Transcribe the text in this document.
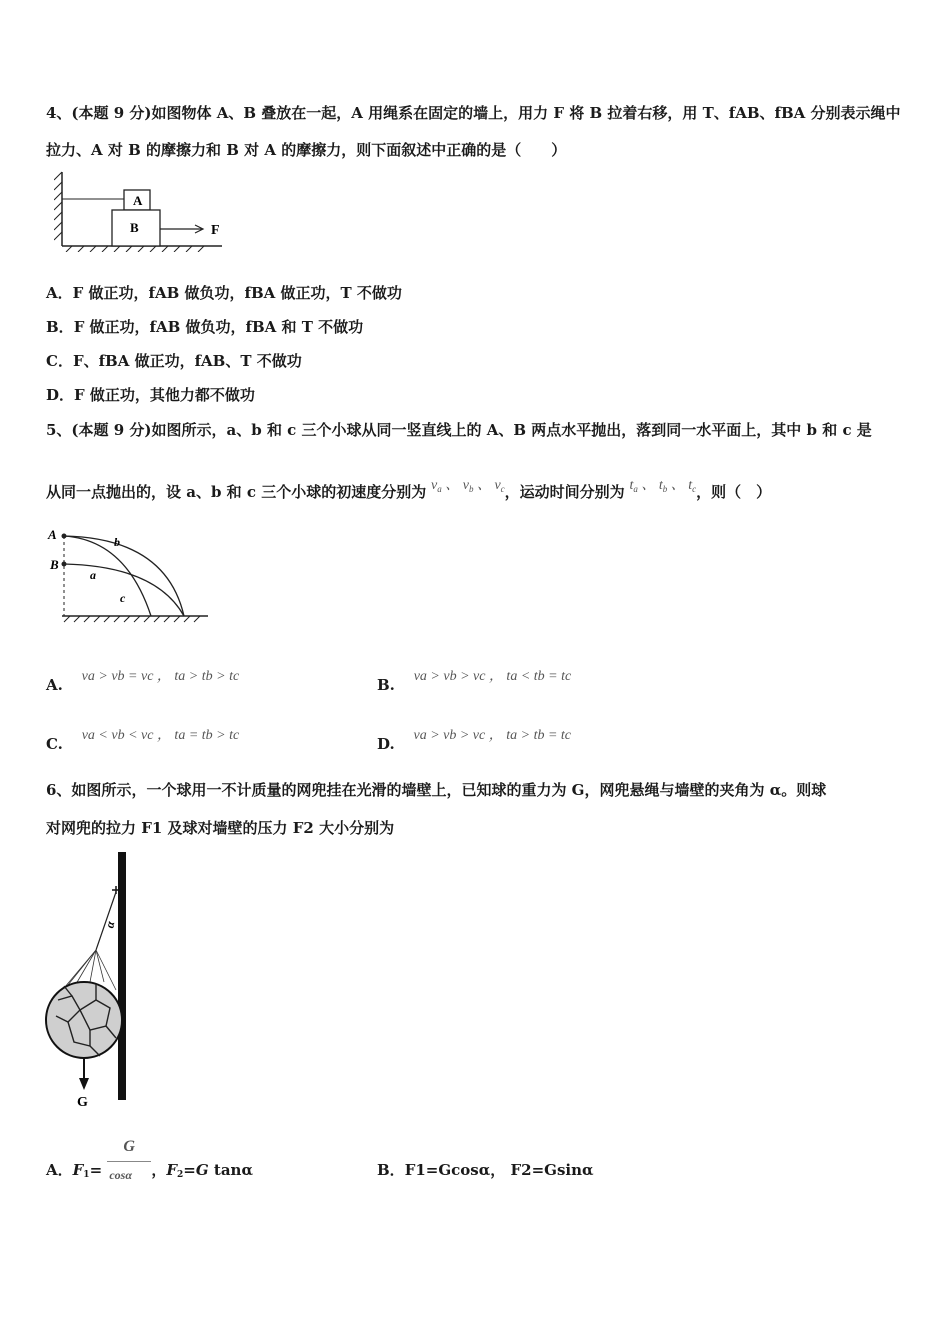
4、(本题 9 分)如图物体 A、B 叠放在一起，A 用绳系在固定的墙上，用力 F 将 B 拉着右移，用 T、fAB、fBA 分别表示绳中
拉力、A 对 B 的摩擦力和 B 对 A 的摩擦力，则下面叙述中正确的是（　　）
A
B	F
A．F 做正功，fAB 做负功，fBA 做正功，T 不做功
B．F 做正功，fAB 做负功，fBA 和 T 不做功
C．F、fBA 做正功，fAB、T 不做功
D．F 做正功，其他力都不做功
5、(本题 9 分)如图所示，a、b 和 c 三个小球从同一竖直线上的 A、B 两点水平抛出，落到同一水平面上，其中 b 和 c 是
从同一点抛出的，设 a、b 和 c 三个小球的初速度分别为 $v_a$ 、 $v_b$ 、 $v_c$，运动时间分别为 $t_a$ 、 $t_b$ 、 $t_c$，则（　）
A
B
b
a
c
A. va > vb = vc ， ta > tb > tc	B. va > vb > vc ， ta < tb = tc
C. va < vb < vc ， ta = tb > tc	D. va > vb > vc ， ta > tb = tc
6、如图所示，一个球用一不计质量的网兜挂在光滑的墙壁上，已知球的重力为 G，网兜悬绳与墙壁的夹角为 α。则球
对网兜的拉力 F1 及球对墙壁的压力 F2 大小分别为
α
G
A．F1=
G
cosα ，F2=G tanα	B．F1=Gcosα， F2=Gsinα
